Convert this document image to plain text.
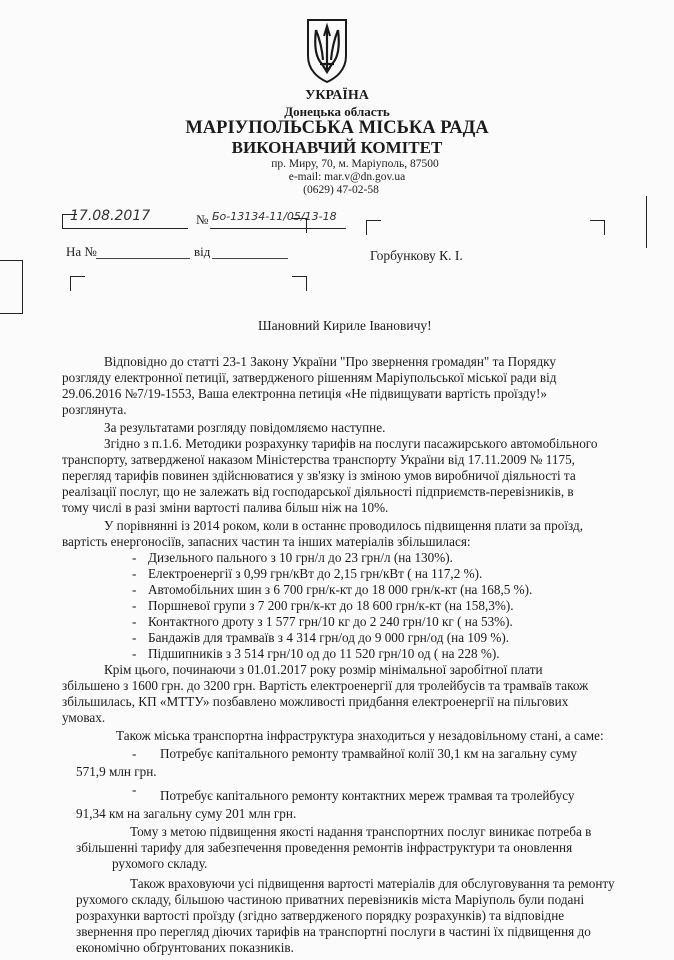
УКРАЇНА
Донецька область
МАРІУПОЛЬСЬКА МІСЬКА РАДА
ВИКОНАВЧИЙ КОМІТЕТ
пр. Миру, 70, м. Маріуполь, 87500
e-mail: mar.v@dn.gov.ua
(0629) 47-02-58
17.08.2017	№ Бо-13134-11/05/13-18
На №	від	Горбункову К. І.
Шановний Кириле Івановичу!
Відповідно до статті 23-1 Закону України "Про звернення громадян" та Порядку
розгляду електронної петиції, затвердженого рішенням Маріупольської міської ради від
29.06.2016 №7/19-1553, Ваша електронна петиція «Не підвищувати вартість проїзду!»
розглянута.
За результатами розгляду повідомляємо наступне.
Згідно з п.1.6. Методики розрахунку тарифів на послуги пасажирського автомобільного
транспорту, затвердженої наказом Міністерства транспорту України від 17.11.2009 № 1175,
перегляд тарифів повинен здійснюватися у зв'язку із зміною умов виробничої діяльності та
реалізації послуг, що не залежать від господарської діяльності підприємств-перевізників, в
тому числі в разі зміни вартості палива більш ніж на 10%.
У порівнянні із 2014 роком, коли в останнє проводилось підвищення плати за проїзд,
вартість енергоносіїв, запасних частин та інших матеріалів збільшилася:
- Дизельного пального з 10 грн/л до 23 грн/л (на 130%).
- Електроенергії з 0,99 грн/кВт до 2,15 грн/кВт ( на 117,2 %).
- Автомобільних шин з 6 700 грн/к-кт до 18 000 грн/к-кт (на 168,5 %).
- Поршневої групи з 7 200 грн/к-кт до 18 600 грн/к-кт (на 158,3%).
- Контактного дроту з 1 577 грн/10 кг до 2 240 грн/10 кг ( на 53%).
- Бандажів для трамваїв з 4 314 грн/од до 9 000 грн/од (на 109 %).
- Підшипників з 3 514 грн/10 од до 11 520 грн/10 од ( на 228 %).
Крім цього, починаючи з 01.01.2017 року розмір мінімальної заробітної плати
збільшено з 1600 грн. до 3200 грн. Вартість електроенергії для тролейбусів та трамваїв також
збільшилась, КП «МТТУ» позбавлено можливості придбання електроенергії на пільгових
умовах.
Також міська транспортна інфраструктура знаходиться у незадовільному стані, а саме:
- Потребує капітального ремонту трамвайної колії 30,1 км на загальну суму
571,9 млн грн.
- Потребує капітального ремонту контактних мереж трамвая та тролейбусу
91,34 км на загальну суму 201 млн грн.
Тому з метою підвищення якості надання транспортних послуг виникає потреба в
збільшенні тарифу для забезпечення проведення ремонтів інфраструктури та оновлення
рухомого складу.
Також враховуючи усі підвищення вартості матеріалів для обслуговування та ремонту
рухомого складу, більшою частиною приватних перевізників міста Маріуполь були подані
розрахунки вартості проїзду (згідно затвердженого порядку розрахунків) та відповідне
звернення про перегляд діючих тарифів на транспортні послуги в частині їх підвищення до
економічно обґрунтованих показників.
